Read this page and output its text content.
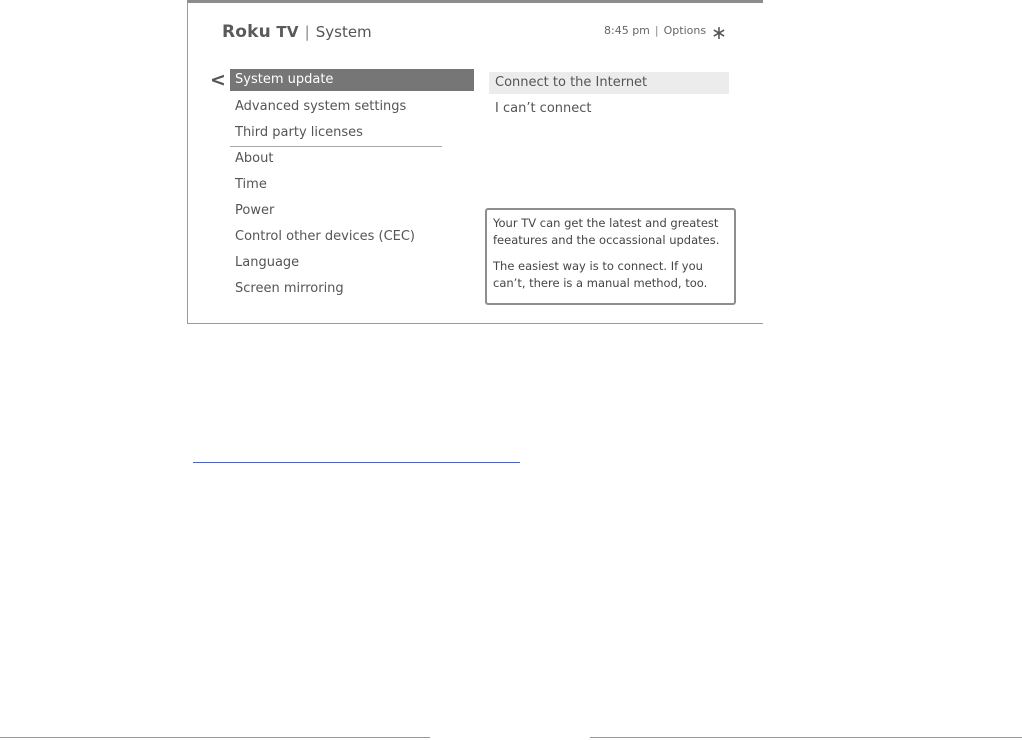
Roku TV | System	8:45 pm | Options ∗
< System update
Advanced system settings
Third party licenses
About
Time
Power
Control other devices (CEC)
Language
Screen mirroring
Connect to the Internet
I can’t connect

Your TV can get the latest and greatest feeatures and the occassional updates.

The easiest way is to connect. If you can’t, there is a manual method, too.
